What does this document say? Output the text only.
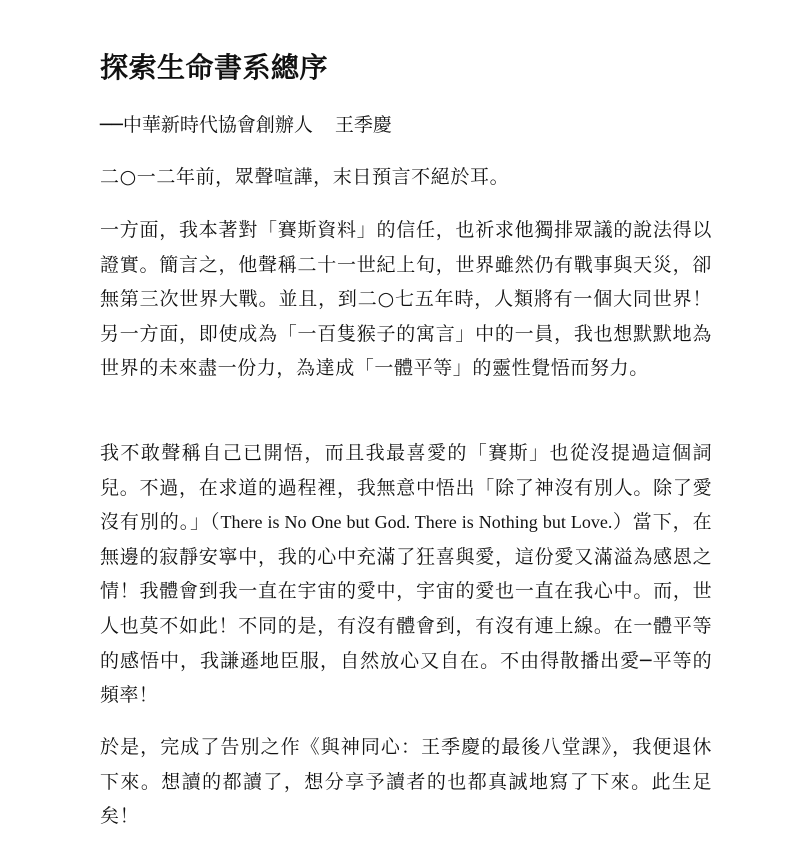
探索生命書系總序
──中華新時代協會創辦人 王季慶

二○一二年前，眾聲喧譁，末日預言不絕於耳。

一方面，我本著對「賽斯資料」的信任，也祈求他獨排眾議的說法得以證實。簡言之，他聲稱二十一世紀上旬，世界雖然仍有戰事與天災，卻無第三次世界大戰。並且，到二○七五年時，人類將有一個大同世界！另一方面，即使成為「一百隻猴子的寓言」中的一員，我也想默默地為世界的未來盡一份力，為達成「一體平等」的靈性覺悟而努力。

我不敢聲稱自己已開悟，而且我最喜愛的「賽斯」也從沒提過這個詞兒。不過，在求道的過程裡，我無意中悟出「除了神沒有別人。除了愛沒有別的。」（There is No One but God. There is Nothing but Love.）當下，在無邊的寂靜安寧中，我的心中充滿了狂喜與愛，這份愛又滿溢為感恩之情！我體會到我一直在宇宙的愛中，宇宙的愛也一直在我心中。而，世人也莫不如此！不同的是，有沒有體會到，有沒有連上線。在一體平等的感悟中，我謙遜地臣服，自然放心又自在。不由得散播出愛─平等的頻率！

於是，完成了告別之作《與神同心：王季慶的最後八堂課》，我便退休下來。想讀的都讀了，想分享予讀者的也都真誠地寫了下來。此生足矣！
